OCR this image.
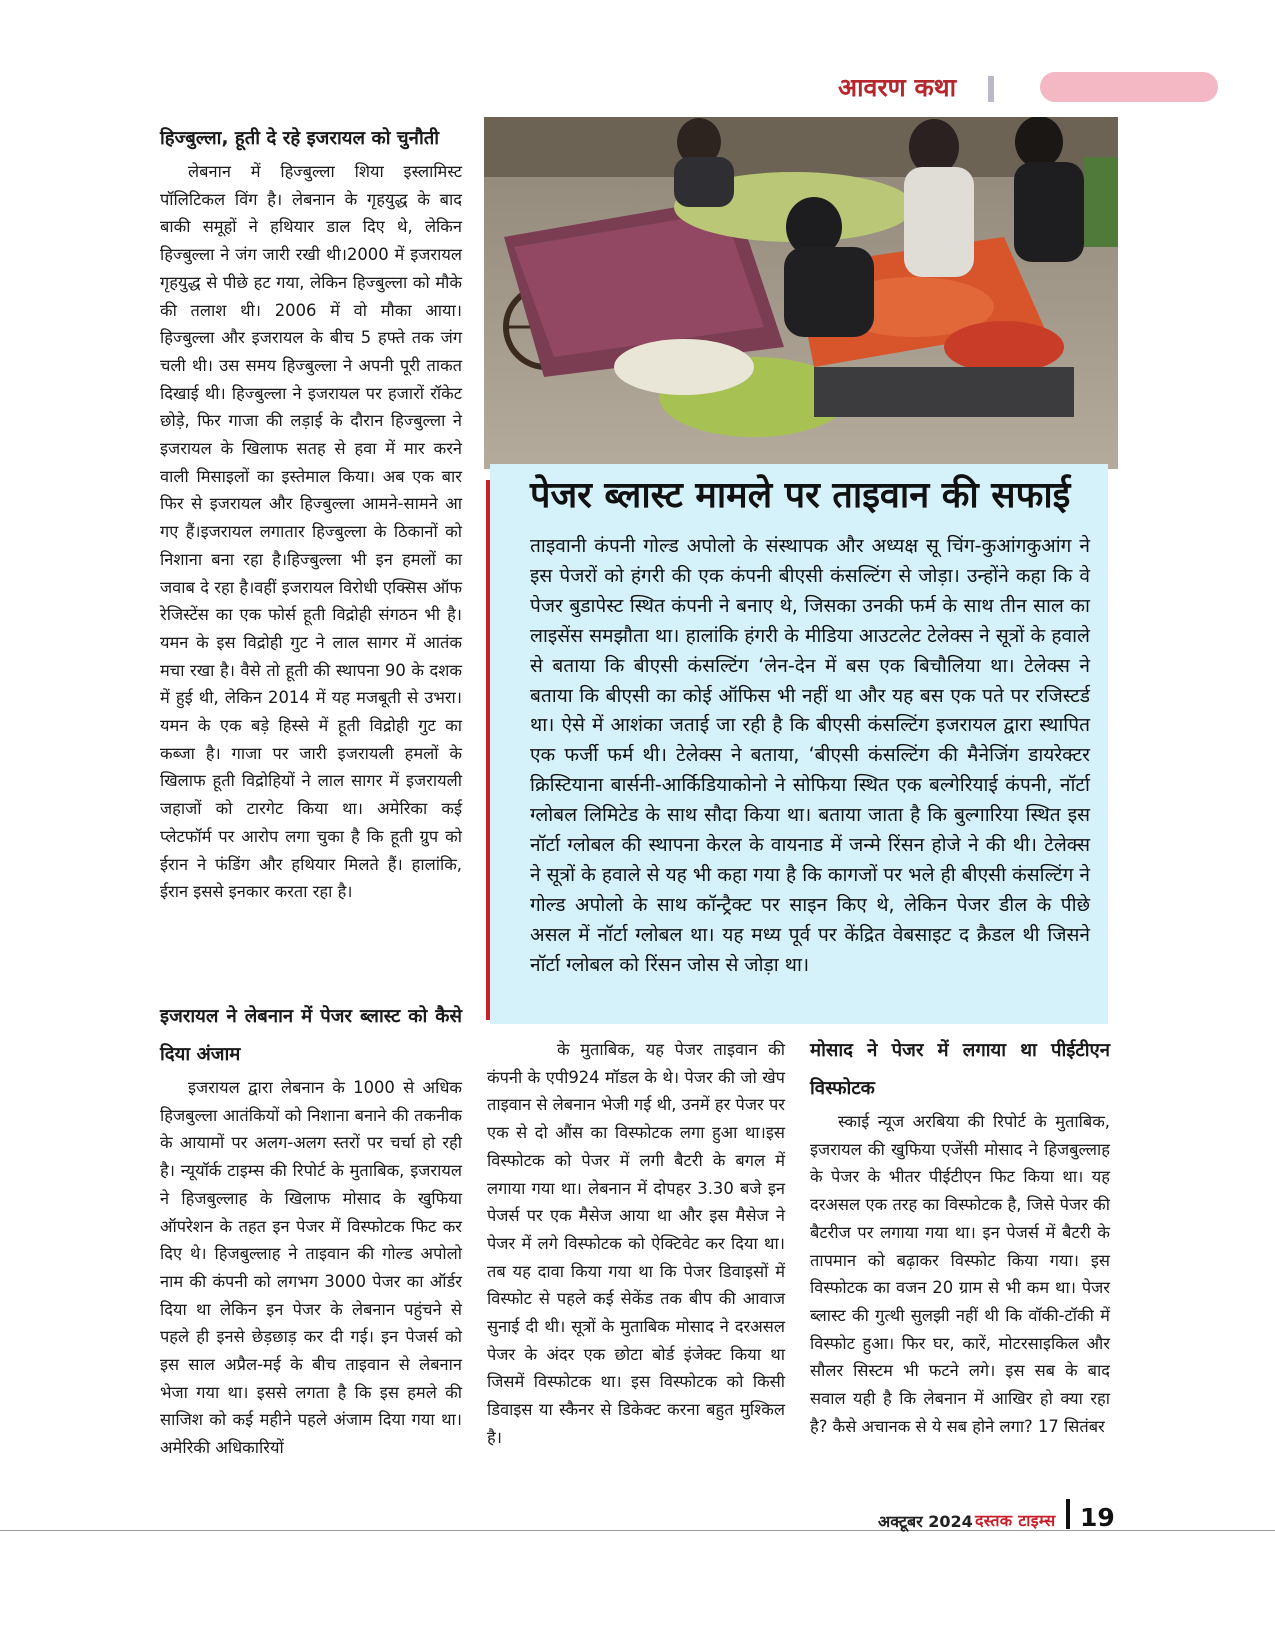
आवरण कथा
हिज्बुल्ला, हूती दे रहे इजरायल को चुनौती

लेबनान में हिज्बुल्ला शिया इस्लामिस्ट पॉलिटिकल विंग है। लेबनान के गृहयुद्ध के बाद बाकी समूहों ने हथियार डाल दिए थे, लेकिन हिज्बुल्ला ने जंग जारी रखी थी।2000 में इजरायल गृहयुद्ध से पीछे हट गया, लेकिन हिज्बुल्ला को मौके की तलाश थी। 2006 में वो मौका आया। हिज्बुल्ला और इजरायल के बीच 5 हफ्ते तक जंग चली थी। उस समय हिज्बुल्ला ने अपनी पूरी ताकत दिखाई थी। हिज्बुल्ला ने इजरायल पर हजारों रॉकेट छोड़े, फिर गाजा की लड़ाई के दौरान हिज्बुल्ला ने इजरायल के खिलाफ सतह से हवा में मार करने वाली मिसाइलों का इस्तेमाल किया। अब एक बार फिर से इजरायल और हिज्बुल्ला आमने-सामने आ गए हैं।इजरायल लगातार हिज्बुल्ला के ठिकानों को निशाना बना रहा है।हिज्बुल्ला भी इन हमलों का जवाब दे रहा है।वहीं इजरायल विरोधी एक्सिस ऑफ रेजिस्टेंस का एक फोर्स हूती विद्रोही संगठन भी है। यमन के इस विद्रोही गुट ने लाल सागर में आतंक मचा रखा है। वैसे तो हूती की स्थापना 90 के दशक में हुई थी, लेकिन 2014 में यह मजबूती से उभरा। यमन के एक बड़े हिस्से में हूती विद्रोही गुट का कब्जा है। गाजा पर जारी इजरायली हमलों के खिलाफ हूती विद्रोहियों ने लाल सागर में इजरायली जहाजों को टारगेट किया था। अमेरिका कई प्लेटफॉर्म पर आरोप लगा चुका है कि हूती ग्रुप को ईरान ने फंडिंग और हथियार मिलते हैं। हालांकि, ईरान इससे इनकार करता रहा है।

इजरायल ने लेबनान में पेजर ब्लास्ट को कैसे दिया अंजाम

इजरायल द्वारा लेबनान के 1000 से अधिक हिजबुल्ला आतंकियों को निशाना बनाने की तकनीक के आयामों पर अलग-अलग स्तरों पर चर्चा हो रही है। न्यूयॉर्क टाइम्स की रिपोर्ट के मुताबिक, इजरायल ने हिजबुल्लाह के खिलाफ मोसाद के खुफिया ऑपरेशन के तहत इन पेजर में विस्फोटक फिट कर दिए थे। हिजबुल्लाह ने ताइवान की गोल्ड अपोलो नाम की कंपनी को लगभग 3000 पेजर का ऑर्डर दिया था लेकिन इन पेजर के लेबनान पहुंचने से पहले ही इनसे छेड़छाड़ कर दी गई। इन पेजर्स को इस साल अप्रैल-मई के बीच ताइवान से लेबनान भेजा गया था। इससे लगता है कि इस हमले की साजिश को कई महीने पहले अंजाम दिया गया था। अमेरिकी अधिकारियों

पेजर ब्लास्ट मामले पर ताइवान की सफाई
ताइवानी कंपनी गोल्ड अपोलो के संस्थापक और अध्यक्ष सू चिंग-कुआंगकुआंग ने इस पेजरों को हंगरी की एक कंपनी बीएसी कंसल्टिंग से जोड़ा। उन्होंने कहा कि वे पेजर बुडापेस्ट स्थित कंपनी ने बनाए थे, जिसका उनकी फर्म के साथ तीन साल का लाइसेंस समझौता था। हालांकि हंगरी के मीडिया आउटलेट टेलेक्स ने सूत्रों के हवाले से बताया कि बीएसी कंसल्टिंग ‘लेन-देन में बस एक बिचौलिया था। टेलेक्स ने बताया कि बीएसी का कोई ऑफिस भी नहीं था और यह बस एक पते पर रजिस्टर्ड था। ऐसे में आशंका जताई जा रही है कि बीएसी कंसल्टिंग इजरायल द्वारा स्थापित एक फर्जी फर्म थी। टेलेक्स ने बताया, ‘बीएसी कंसल्टिंग की मैनेजिंग डायरेक्टर क्रिस्टियाना बार्सनी-आर्किडियाकोनो ने सोफिया स्थित एक बल्गेरियाई कंपनी, नॉर्टा ग्लोबल लिमिटेड के साथ सौदा किया था। बताया जाता है कि बुल्गारिया स्थित इस नॉर्टा ग्लोबल की स्थापना केरल के वायनाड में जन्मे रिंसन होजे ने की थी। टेलेक्स ने सूत्रों के हवाले से यह भी कहा गया है कि कागजों पर भले ही बीएसी कंसल्टिंग ने गोल्ड अपोलो के साथ कॉन्ट्रैक्ट पर साइन किए थे, लेकिन पेजर डील के पीछे असल में नॉर्टा ग्लोबल था। यह मध्य पूर्व पर केंद्रित वेबसाइट द क्रैडल थी जिसने नॉर्टा ग्लोबल को रिंसन जोस से जोड़ा था।

के मुताबिक, यह पेजर ताइवान की कंपनी के एपी924 मॉडल के थे। पेजर की जो खेप ताइवान से लेबनान भेजी गई थी, उनमें हर पेजर पर एक से दो औंस का विस्फोटक लगा हुआ था।इस विस्फोटक को पेजर में लगी बैटरी के बगल में लगाया गया था। लेबनान में दोपहर 3.30 बजे इन पेजर्स पर एक मैसेज आया था और इस मैसेज ने पेजर में लगे विस्फोटक को ऐक्टिवेट कर दिया था। तब यह दावा किया गया था कि पेजर डिवाइसों में विस्फोट से पहले कई सेकेंड तक बीप की आवाज सुनाई दी थी। सूत्रों के मुताबिक मोसाद ने दरअसल पेजर के अंदर एक छोटा बोर्ड इंजेक्ट किया था जिसमें विस्फोटक था। इस विस्फोटक को किसी डिवाइस या स्कैनर से डिकेक्ट करना बहुत मुश्किल है।

मोसाद ने पेजर में लगाया था पीईटीएन विस्फोटक

स्काई न्यूज अरबिया की रिपोर्ट के मुताबिक, इजरायल की खुफिया एजेंसी मोसाद ने हिजबुल्लाह के पेजर के भीतर पीईटीएन फिट किया था। यह दरअसल एक तरह का विस्फोटक है, जिसे पेजर की बैटरीज पर लगाया गया था। इन पेजर्स में बैटरी के तापमान को बढ़ाकर विस्फोट किया गया। इस विस्फोटक का वजन 20 ग्राम से भी कम था। पेजर ब्लास्ट की गुत्थी सुलझी नहीं थी कि वॉकी-टॉकी में विस्फोट हुआ। फिर घर, कारें, मोटरसाइकिल और सौलर सिस्टम भी फटने लगे। इस सब के बाद सवाल यही है कि लेबनान में आखिर हो क्या रहा है? कैसे अचानक से ये सब होने लगा? 17 सितंबर

अक्टूबर 2024 दस्तक टाइम्स 19
